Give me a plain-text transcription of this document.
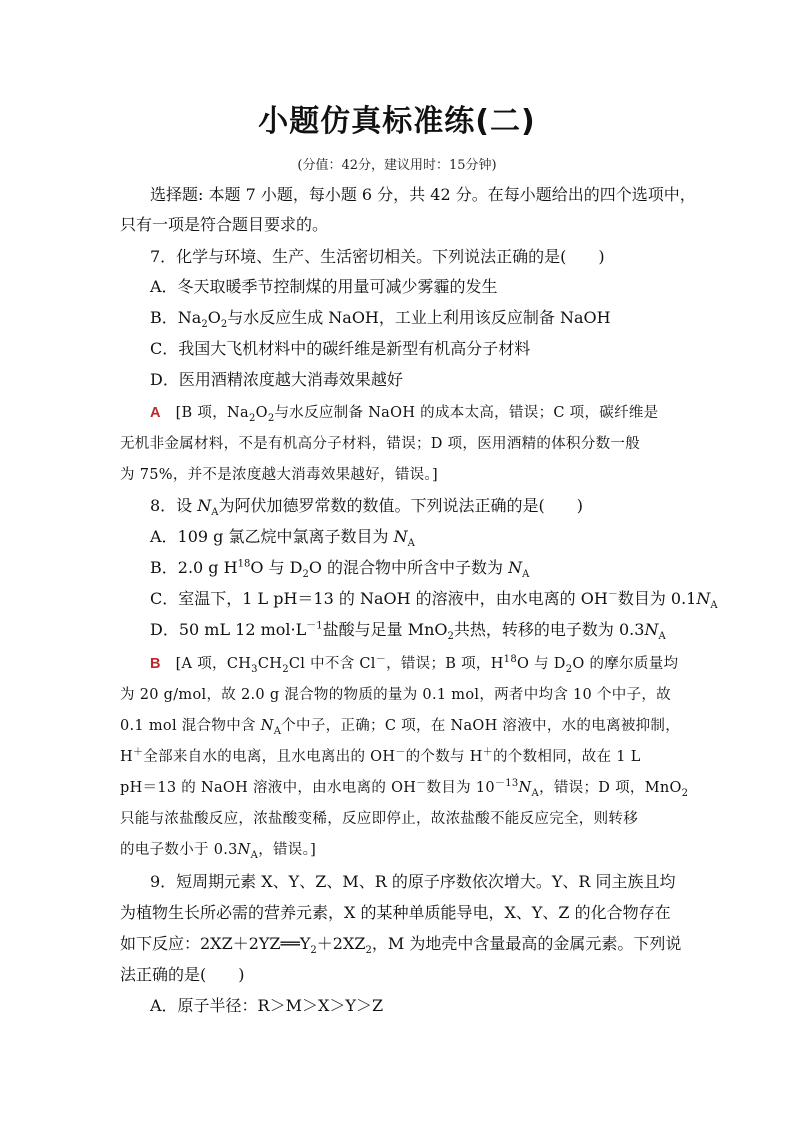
小题仿真标准练(二)
(分值：42分，建议用时：15分钟)
选择题: 本题 7 小题，每小题 6 分，共 42 分。在每小题给出的四个选项中，
只有一项是符合题目要求的。
7．化学与环境、生产、生活密切相关。下列说法正确的是(　　)
A．冬天取暖季节控制煤的用量可减少雾霾的发生
B．$Na_2O_2$与水反应生成 NaOH，工业上利用该反应制备 NaOH
C．我国大飞机材料中的碳纤维是新型有机高分子材料
D．医用酒精浓度越大消毒效果越好
A　 [B 项，$Na_2O_2$与水反应制备 NaOH 的成本太高，错误；C 项，碳纤维是
无机非金属材料，不是有机高分子材料，错误；D 项，医用酒精的体积分数一般
为 75%，并不是浓度越大消毒效果越好，错误。]
8．设 $N_A$为阿伏加德罗常数的数值。下列说法正确的是(　　)
A．109 g 氯乙烷中氯离子数目为 $N_A$
B．2.0 g $H^{18}O$ 与 $D_2O$ 的混合物中所含中子数为 $N_A$
C．室温下，1 L pH＝13 的 NaOH 的溶液中，由水电离的 OH－数目为 $0.1N_A$
D．50 mL 12 $mol\cdot L^{-1}$盐酸与足量 MnO$_2$共热，转移的电子数为 $0.3N_A$
B　 [A 项，$CH_3CH_2Cl$ 中不含 Cl－，错误；B 项，$H^{18}O$ 与 $D_2O$ 的摩尔质量均
为 20 g/mol，故 2.0 g 混合物的物质的量为 0.1 mol，两者中均含 10 个中子，故
0.1 mol 混合物中含 $N_A$个中子，正确；C 项，在 NaOH 溶液中，水的电离被抑制，
H＋全部来自水的电离，且水电离出的 OH－的个数与 H＋的个数相同，故在 1 L
pH＝13 的 NaOH 溶液中，由水电离的 OH－数目为 $10^{-13}N_A$，错误；D 项，MnO$_2$
只能与浓盐酸反应，浓盐酸变稀，反应即停止，故浓盐酸不能反应完全，则转移
的电子数小于 $0.3N_A$，错误。]
9．短周期元素 X、Y、Z、M、R 的原子序数依次增大。Y、R 同主族且均
为植物生长所必需的营养元素，X 的某种单质能导电，X、Y、Z 的化合物存在
如下反应：$2XZ+2YZ══Y_2+2XZ_2$，M 为地壳中含量最高的金属元素。下列说
法正确的是(　　)
A．原子半径：R＞M＞X＞Y＞Z
